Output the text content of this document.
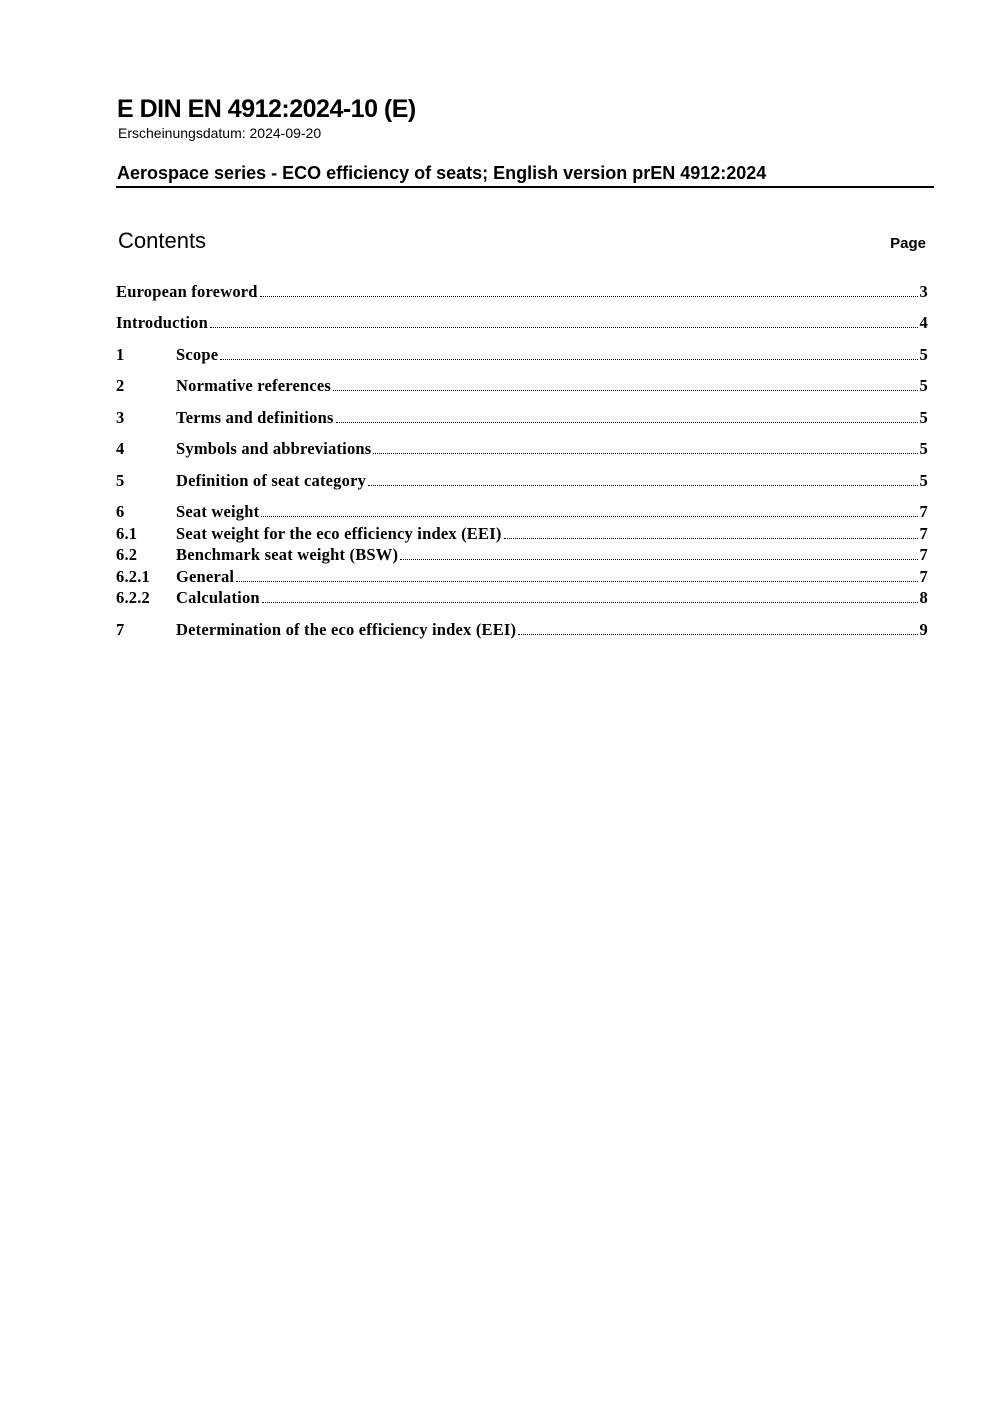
E DIN EN 4912:2024-10 (E)
Erscheinungsdatum: 2024-09-20
Aerospace series - ECO efficiency of seats; English version prEN 4912:2024
Contents	Page
European foreword	3
Introduction	4
1	Scope	5
2	Normative references	5
3	Terms and definitions	5
4	Symbols and abbreviations	5
5	Definition of seat category	5
6	Seat weight	7
6.1	Seat weight for the eco efficiency index (EEI)	7
6.2	Benchmark seat weight (BSW)	7
6.2.1	General	7
6.2.2	Calculation	8
7	Determination of the eco efficiency index (EEI)	9
